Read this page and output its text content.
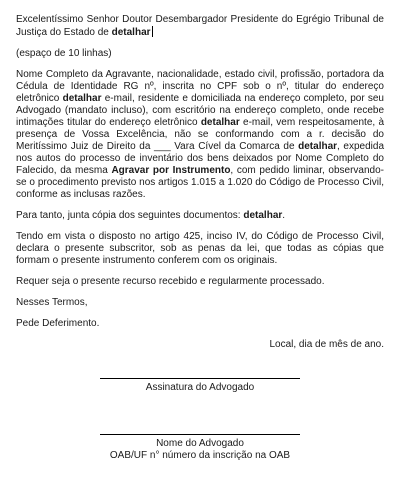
Excelentíssimo Senhor Doutor Desembargador Presidente do Egrégio Tribunal de Justiça do Estado de detalhar

(espaço de 10 linhas)

Nome Completo da Agravante, nacionalidade, estado civil, profissão, portadora da Cédula de Identidade RG nº, inscrita no CPF sob o nº, titular do endereço eletrônico detalhar e-mail, residente e domiciliada na endereço completo, por seu Advogado (mandato incluso), com escritório na endereço completo, onde recebe intimações titular do endereço eletrônico detalhar e-mail, vem respeitosamente, à presença de Vossa Excelência, não se conformando com a r. decisão do Meritíssimo Juiz de Direito da ___ Vara Cível da Comarca de detalhar, expedida nos autos do processo de inventário dos bens deixados por Nome Completo do Falecido, da mesma Agravar por Instrumento, com pedido liminar, observando-se o procedimento previsto nos artigos 1.015 a 1.020 do Código de Processo Civil, conforme as inclusas razões.

Para tanto, junta cópia dos seguintes documentos: detalhar.

Tendo em vista o disposto no artigo 425, inciso IV, do Código de Processo Civil, declara o presente subscritor, sob as penas da lei, que todas as cópias que formam o presente instrumento conferem com os originais.

Requer seja o presente recurso recebido e regularmente processado.

Nesses Termos,

Pede Deferimento.

Local, dia de mês de ano.

Assinatura do Advogado
Nome do Advogado
OAB/UF n° número da inscrição na OAB
